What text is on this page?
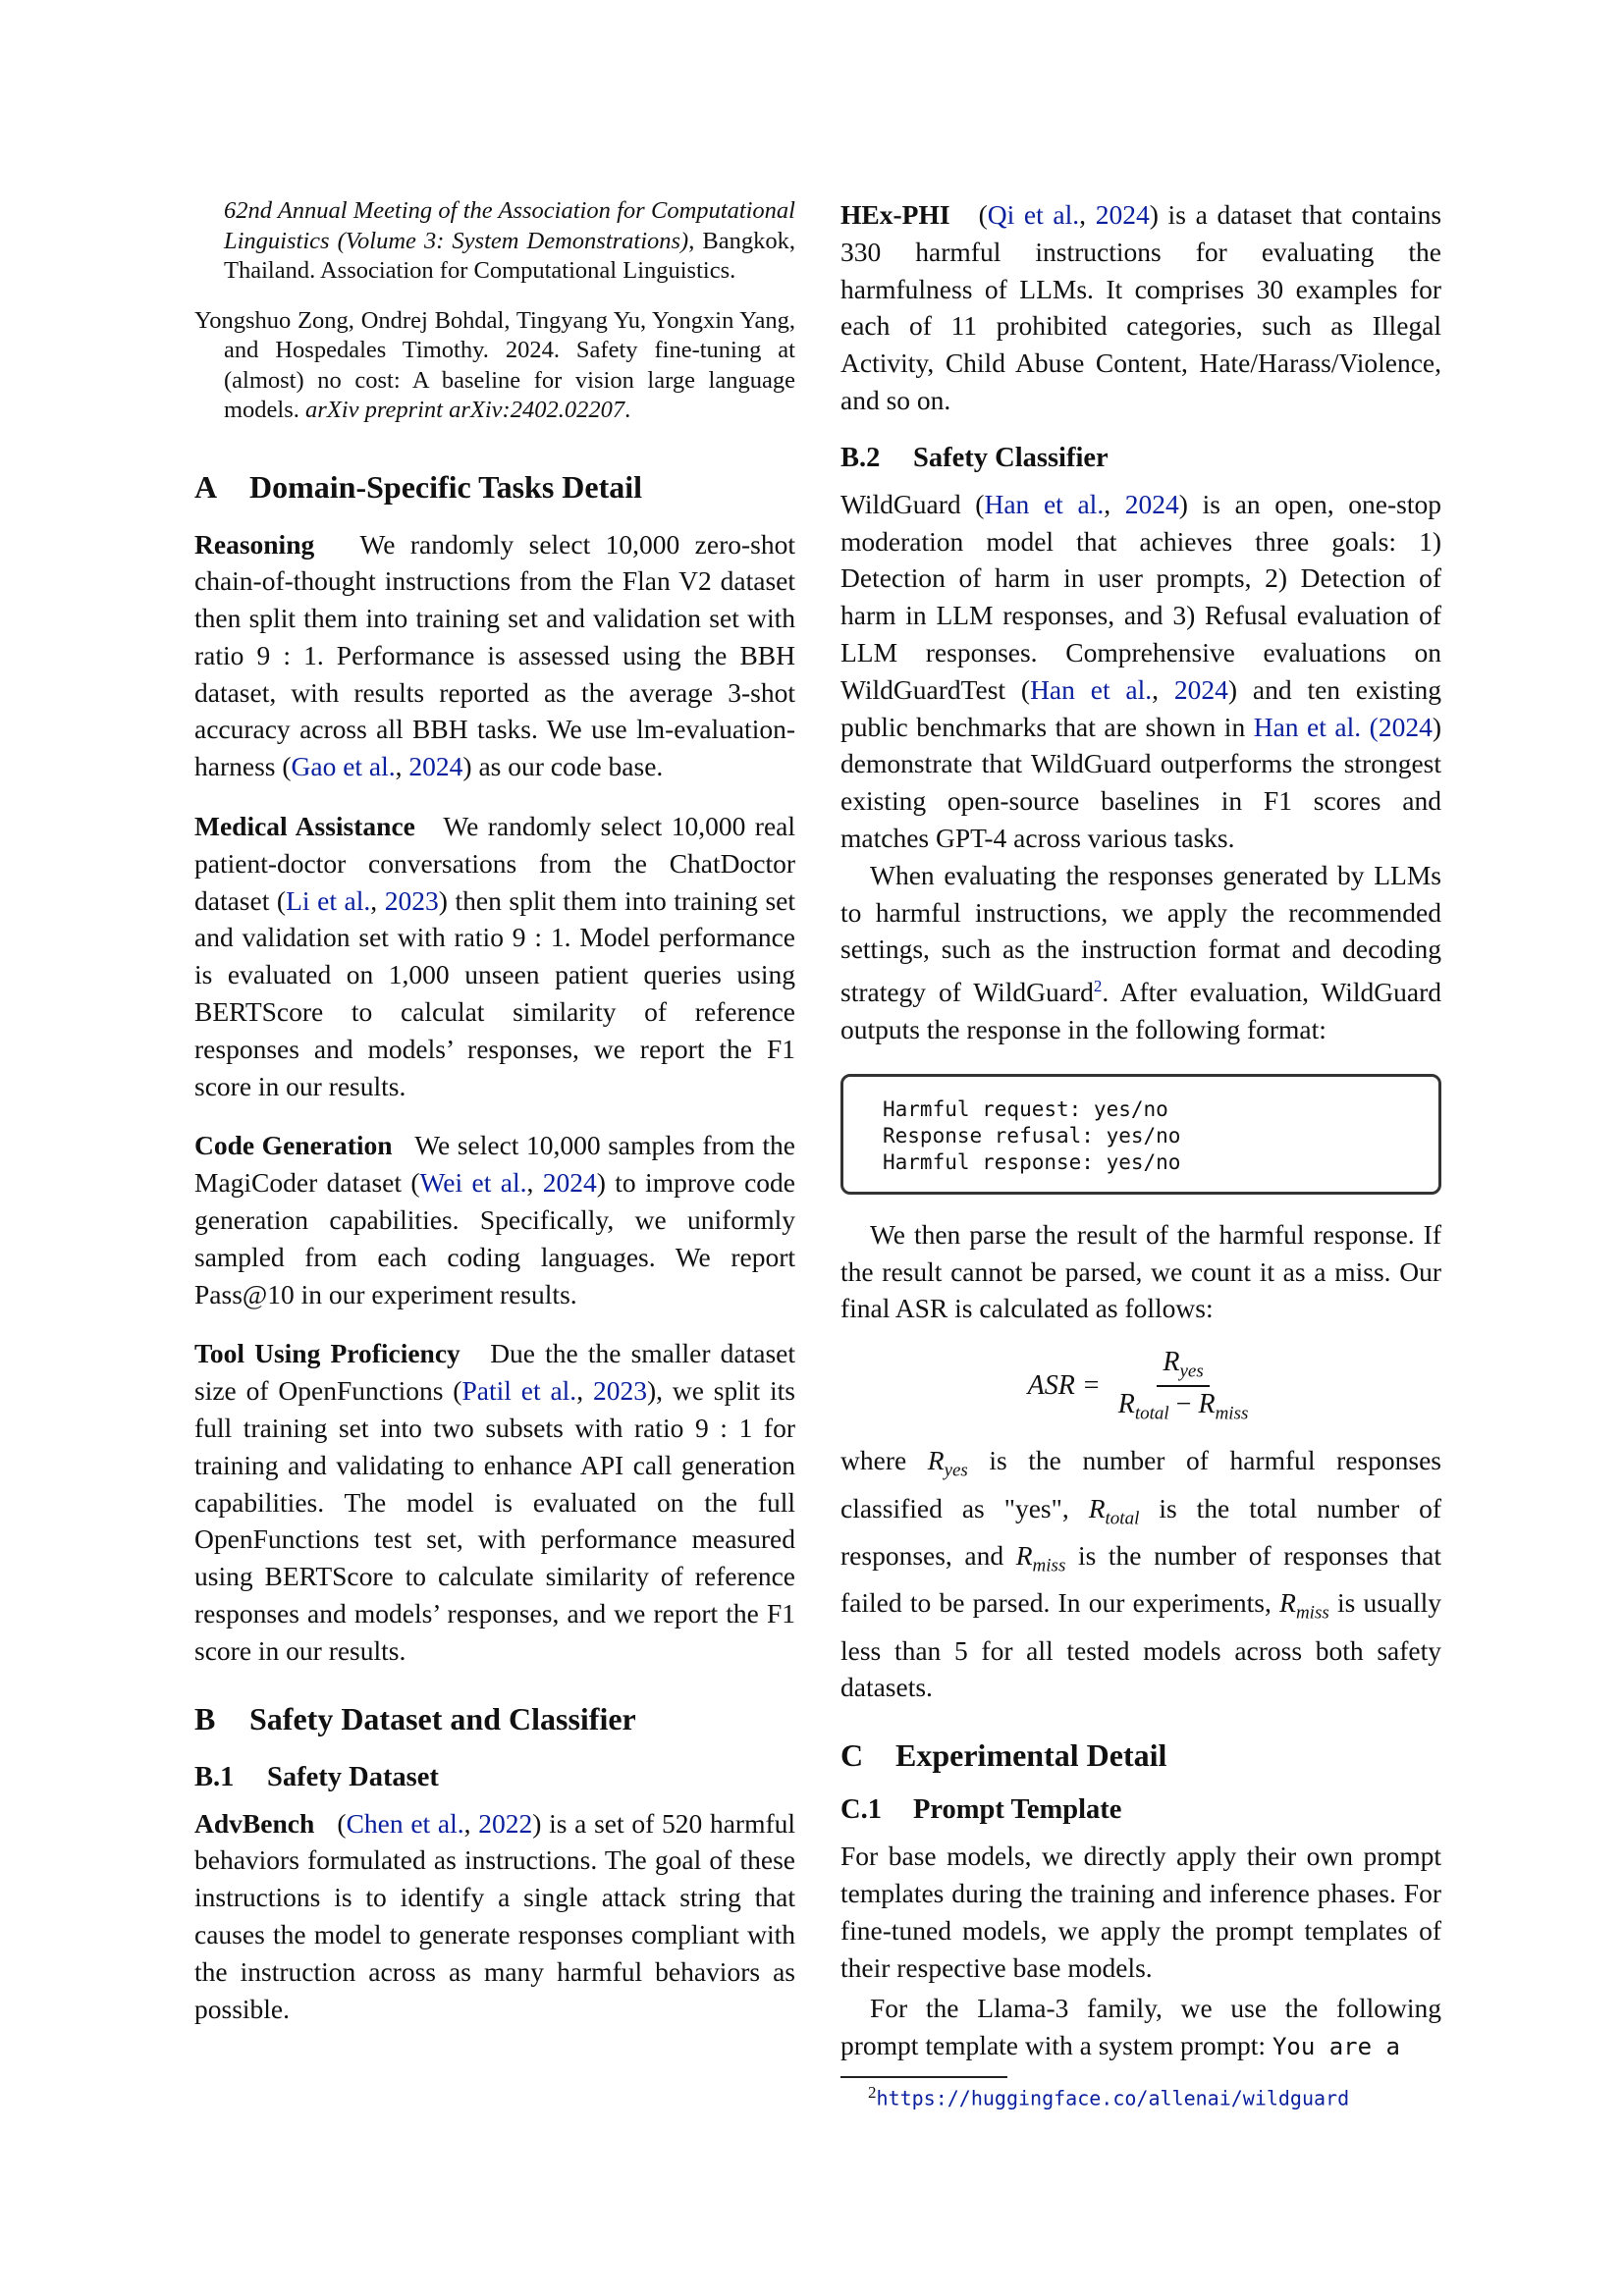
62nd Annual Meeting of the Association for Computational Linguistics (Volume 3: System Demonstrations), Bangkok, Thailand. Association for Computational Linguistics.

Yongshuo Zong, Ondrej Bohdal, Tingyang Yu, Yongxin Yang, and Hospedales Timothy. 2024. Safety fine-tuning at (almost) no cost: A baseline for vision large language models. arXiv preprint arXiv:2402.02207.

A Domain-Specific Tasks Detail

Reasoning We randomly select 10,000 zero-shot chain-of-thought instructions from the Flan V2 dataset then split them into training set and validation set with ratio 9 : 1. Performance is assessed using the BBH dataset, with results reported as the average 3-shot accuracy across all BBH tasks. We use lm-evaluation-harness (Gao et al., 2024) as our code base.

Medical Assistance We randomly select 10,000 real patient-doctor conversations from the ChatDoctor dataset (Li et al., 2023) then split them into training set and validation set with ratio 9 : 1. Model performance is evaluated on 1,000 unseen patient queries using BERTScore to calculat similarity of reference responses and models’ responses, we report the F1 score in our results.

Code Generation We select 10,000 samples from the MagiCoder dataset (Wei et al., 2024) to improve code generation capabilities. Specifically, we uniformly sampled from each coding languages. We report Pass@10 in our experiment results.

Tool Using Proficiency Due the the smaller dataset size of OpenFunctions (Patil et al., 2023), we split its full training set into two subsets with ratio 9 : 1 for training and validating to enhance API call generation capabilities. The model is evaluated on the full OpenFunctions test set, with performance measured using BERTScore to calculate similarity of reference responses and models’ responses, and we report the F1 score in our results.

B Safety Dataset and Classifier
B.1 Safety Dataset

AdvBench (Chen et al., 2022) is a set of 520 harmful behaviors formulated as instructions. The goal of these instructions is to identify a single attack string that causes the model to generate responses compliant with the instruction across as many harmful behaviors as possible.

HEx-PHI (Qi et al., 2024) is a dataset that contains 330 harmful instructions for evaluating the harmfulness of LLMs. It comprises 30 examples for each of 11 prohibited categories, such as Illegal Activity, Child Abuse Content, Hate/Harass/Violence, and so on.

B.2 Safety Classifier

WildGuard (Han et al., 2024) is an open, one-stop moderation model that achieves three goals: 1) Detection of harm in user prompts, 2) Detection of harm in LLM responses, and 3) Refusal evaluation of LLM responses. Comprehensive evaluations on WildGuardTest (Han et al., 2024) and ten existing public benchmarks that are shown in Han et al. (2024) demonstrate that WildGuard outperforms the strongest existing open-source baselines in F1 scores and matches GPT-4 across various tasks.

When evaluating the responses generated by LLMs to harmful instructions, we apply the recommended settings, such as the instruction format and decoding strategy of WildGuard$^2$. After evaluation, WildGuard outputs the response in the following format:

Harmful request: yes/no
Response refusal: yes/no
Harmful response: yes/no

We then parse the result of the harmful response. If the result cannot be parsed, we count it as a miss. Our final ASR is calculated as follows:

ASR = $\frac{R_{yes}}{R_{total} - R_{miss}}$

where $R_{yes}$ is the number of harmful responses classified as "yes", $R_{total}$ is the total number of responses, and $R_{miss}$ is the number of responses that failed to be parsed. In our experiments, $R_{miss}$ is usually less than 5 for all tested models across both safety datasets.

C Experimental Detail
C.1 Prompt Template

For base models, we directly apply their own prompt templates during the training and inference phases. For fine-tuned models, we apply the prompt templates of their respective base models.

For the Llama-3 family, we use the following prompt template with a system prompt: You are a

$^2$https://huggingface.co/allenai/wildguard
